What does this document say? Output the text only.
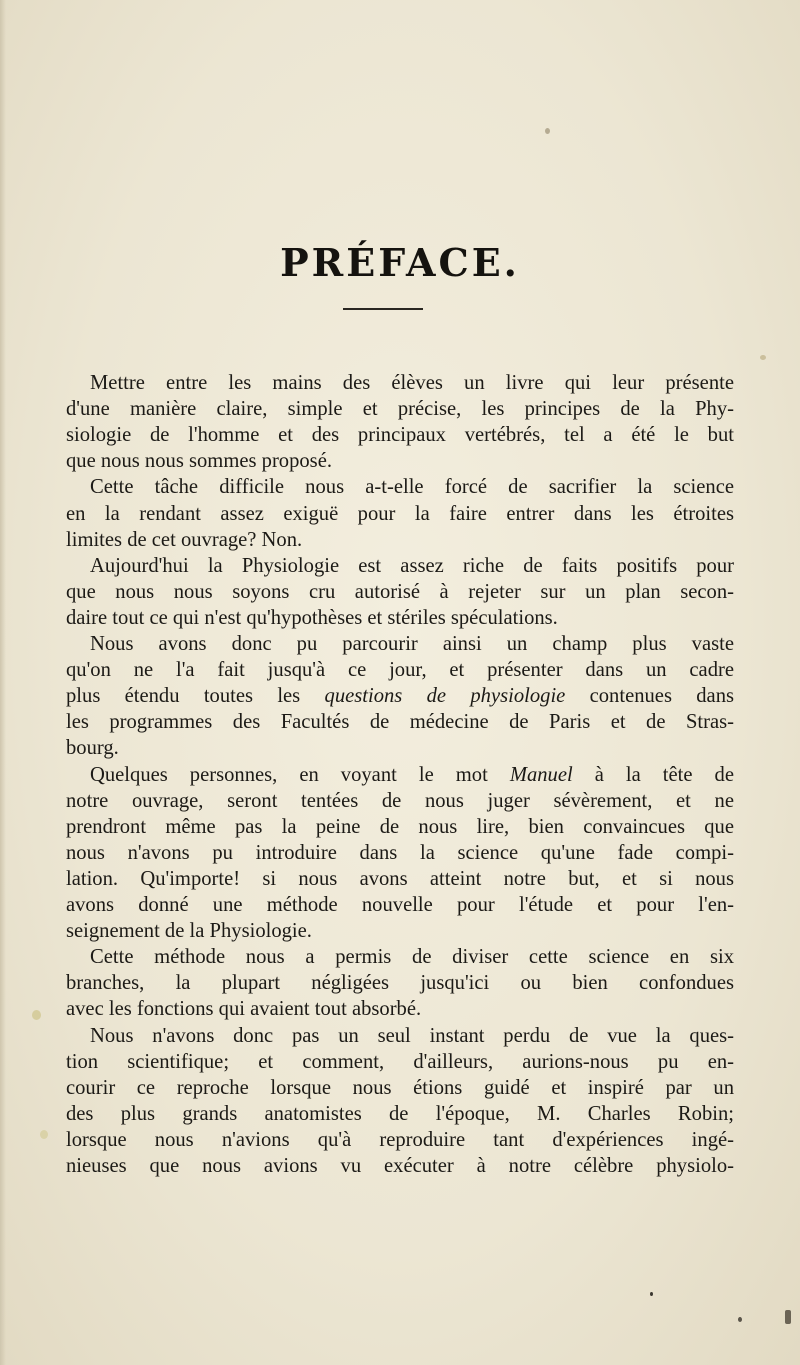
PRÉFACE.
Mettre entre les mains des élèves un livre qui leur présente
d'une manière claire, simple et précise, les principes de la Phy-
siologie de l'homme et des principaux vertébrés, tel a été le but
que nous nous sommes proposé.
Cette tâche difficile nous a-t-elle forcé de sacrifier la science
en la rendant assez exiguë pour la faire entrer dans les étroites
limites de cet ouvrage? Non.
Aujourd'hui la Physiologie est assez riche de faits positifs pour
que nous nous soyons cru autorisé à rejeter sur un plan secon-
daire tout ce qui n'est qu'hypothèses et stériles spéculations.
Nous avons donc pu parcourir ainsi un champ plus vaste
qu'on ne l'a fait jusqu'à ce jour, et présenter dans un cadre
plus étendu toutes les questions de physiologie contenues dans
les programmes des Facultés de médecine de Paris et de Stras-
bourg.
Quelques personnes, en voyant le mot Manuel à la tête de
notre ouvrage, seront tentées de nous juger sévèrement, et ne
prendront même pas la peine de nous lire, bien convaincues que
nous n'avons pu introduire dans la science qu'une fade compi-
lation. Qu'importe! si nous avons atteint notre but, et si nous
avons donné une méthode nouvelle pour l'étude et pour l'en-
seignement de la Physiologie.
Cette méthode nous a permis de diviser cette science en six
branches, la plupart négligées jusqu'ici ou bien confondues
avec les fonctions qui avaient tout absorbé.
Nous n'avons donc pas un seul instant perdu de vue la ques-
tion scientifique; et comment, d'ailleurs, aurions-nous pu en-
courir ce reproche lorsque nous étions guidé et inspiré par un
des plus grands anatomistes de l'époque, M. Charles Robin;
lorsque nous n'avions qu'à reproduire tant d'expériences ingé-
nieuses que nous avions vu exécuter à notre célèbre physiolo-
